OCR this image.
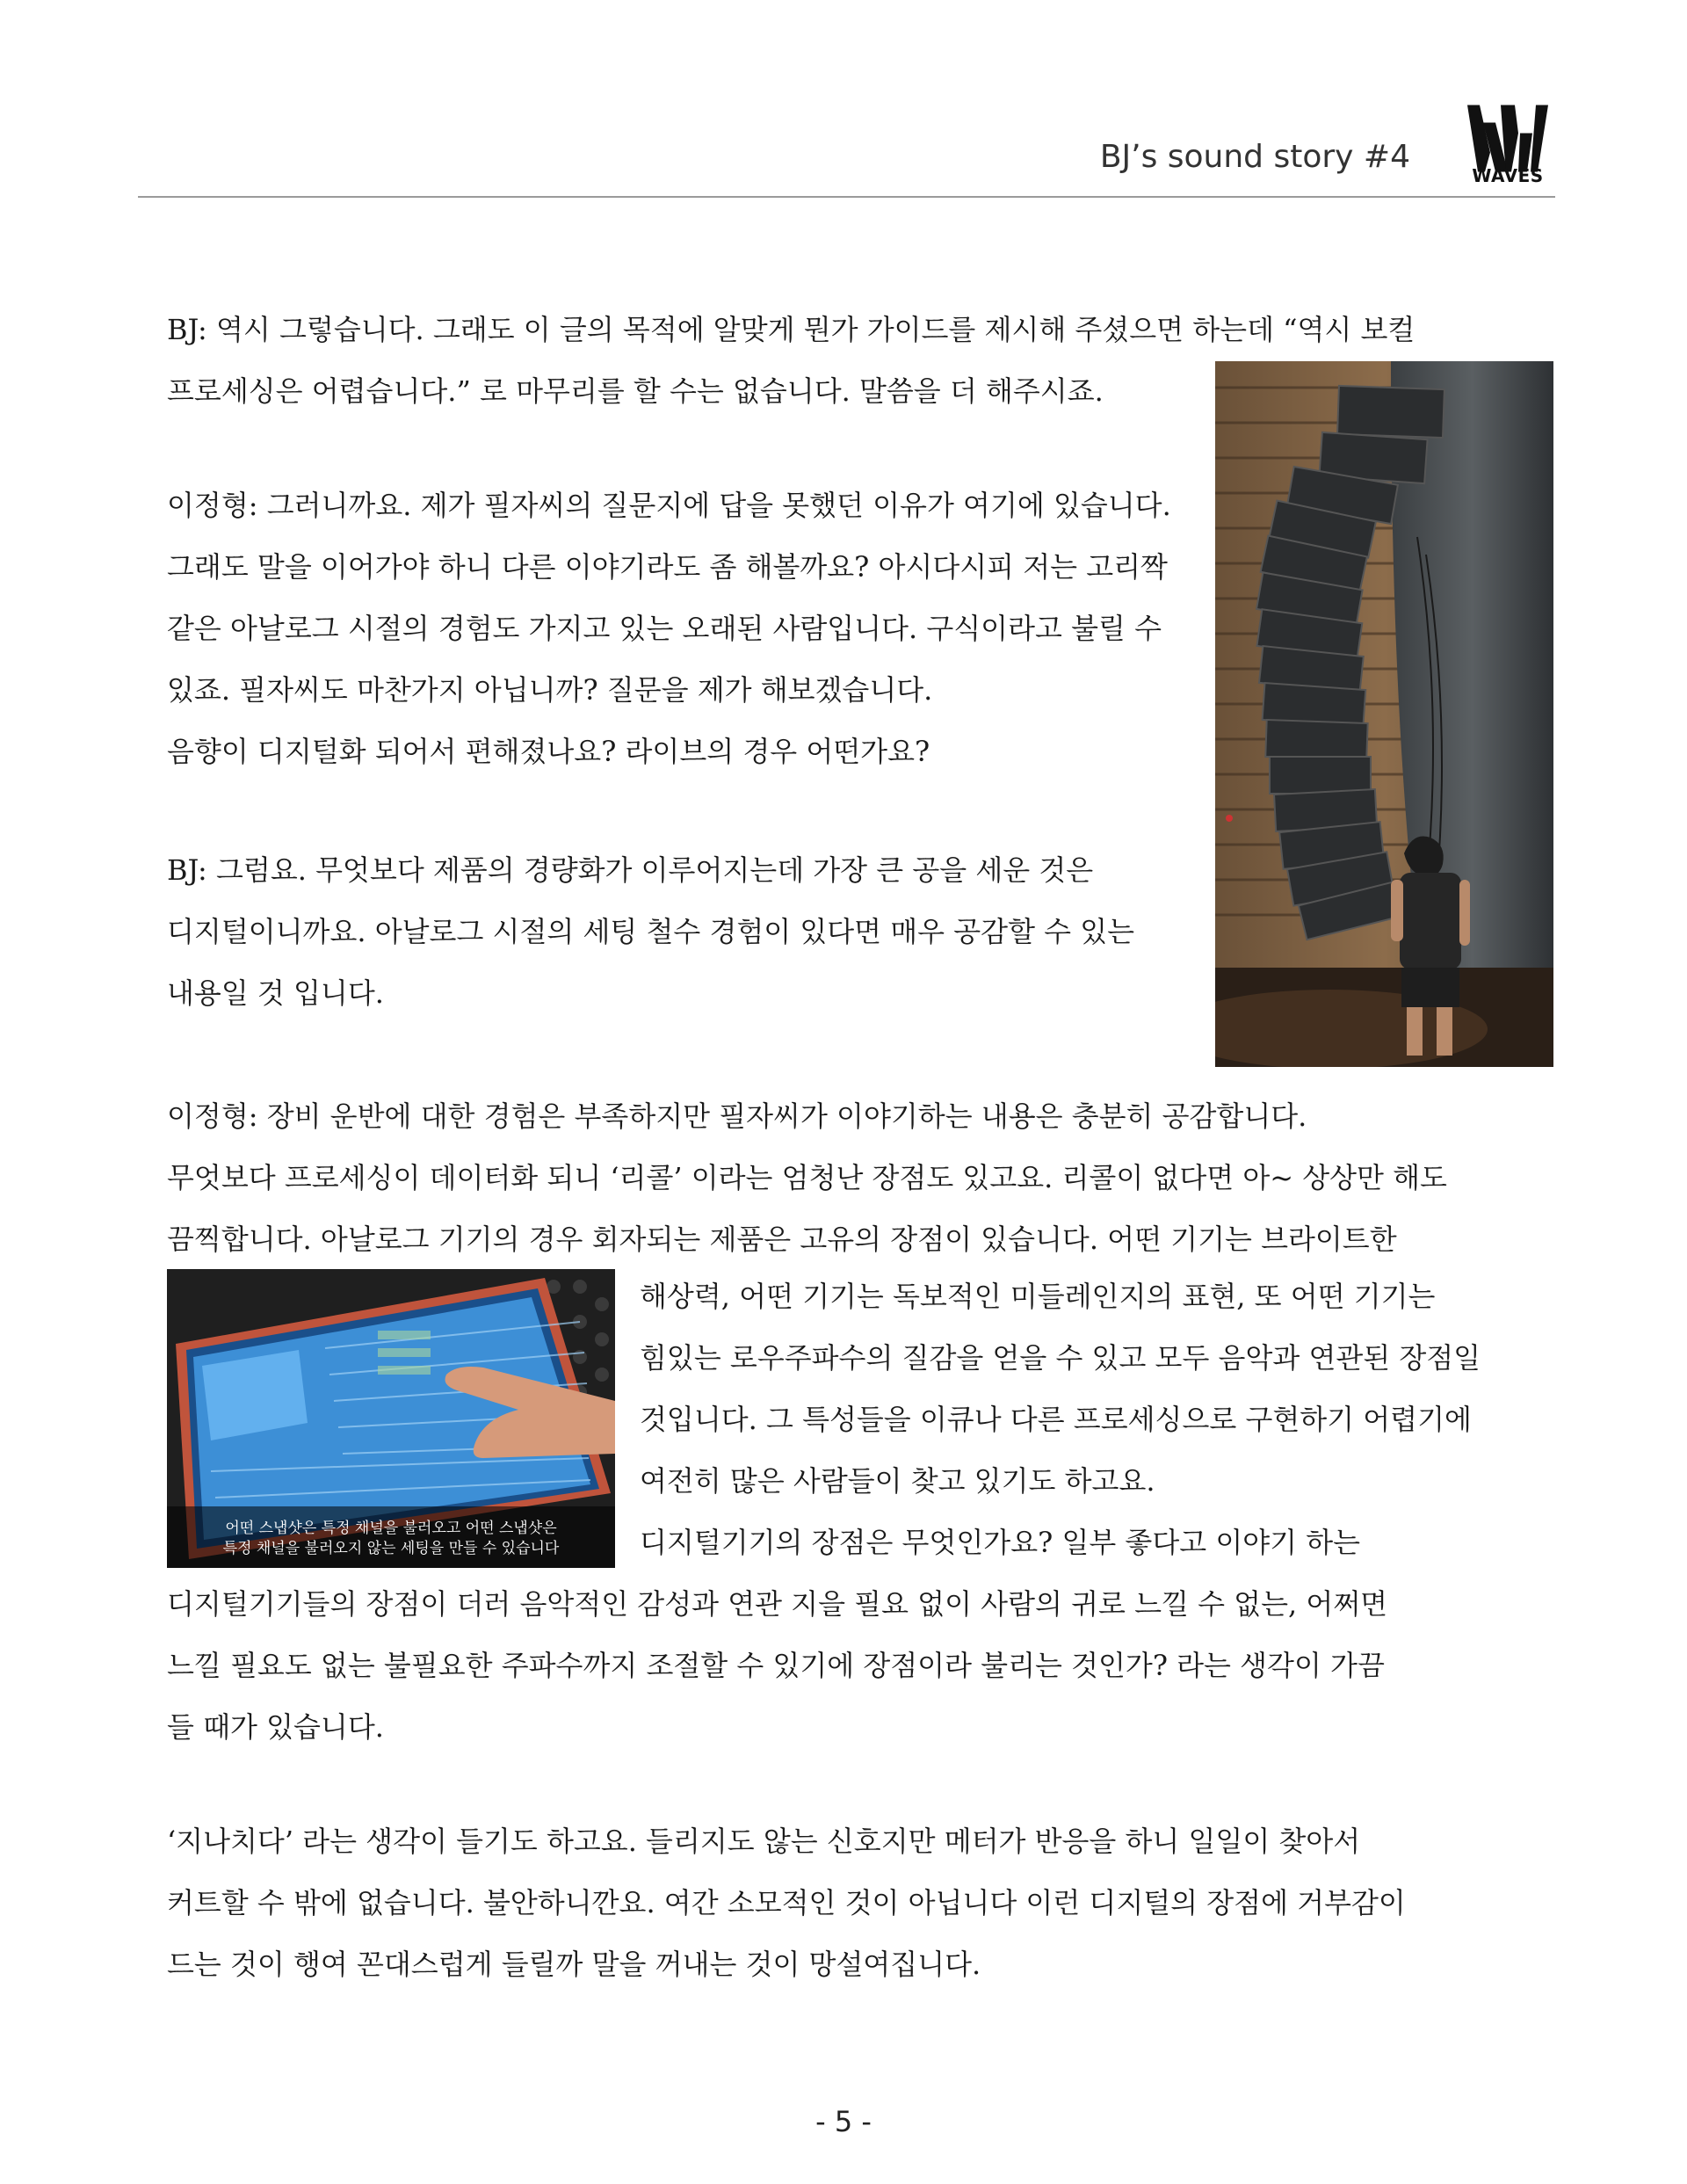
BJ’s sound story #4
WAVES
BJ: 역시 그렇습니다. 그래도 이 글의 목적에 알맞게 뭔가 가이드를 제시해 주셨으면 하는데 “역시 보컬
프로세싱은 어렵습니다.” 로 마무리를 할 수는 없습니다. 말씀을 더 해주시죠.
이정형: 그러니까요. 제가 필자씨의 질문지에 답을 못했던 이유가 여기에 있습니다.
그래도 말을 이어가야 하니 다른 이야기라도 좀 해볼까요? 아시다시피 저는 고리짝
같은 아날로그 시절의 경험도 가지고 있는 오래된 사람입니다. 구식이라고 불릴 수
있죠. 필자씨도 마찬가지 아닙니까? 질문을 제가 해보겠습니다.
음향이 디지털화 되어서 편해졌나요? 라이브의 경우 어떤가요?
BJ: 그럼요. 무엇보다 제품의 경량화가 이루어지는데 가장 큰 공을 세운 것은
디지털이니까요. 아날로그 시절의 세팅 철수 경험이 있다면 매우 공감할 수 있는
내용일 것 입니다.
이정형: 장비 운반에 대한 경험은 부족하지만 필자씨가 이야기하는 내용은 충분히 공감합니다.
무엇보다 프로세싱이 데이터화 되니 ‘리콜’ 이라는 엄청난 장점도 있고요. 리콜이 없다면 아~ 상상만 해도
끔찍합니다. 아날로그 기기의 경우 회자되는 제품은 고유의 장점이 있습니다. 어떤 기기는 브라이트한
어떤 스냅샷은 특정 채널을 불러오고 어떤 스냅샷은
특정 채널을 불러오지 않는 세팅을 만들 수 있습니다
해상력, 어떤 기기는 독보적인 미들레인지의 표현, 또 어떤 기기는
힘있는 로우주파수의 질감을 얻을 수 있고 모두 음악과 연관된 장점일
것입니다. 그 특성들을 이큐나 다른 프로세싱으로 구현하기 어렵기에
여전히 많은 사람들이 찾고 있기도 하고요.
디지털기기의 장점은 무엇인가요? 일부 좋다고 이야기 하는
디지털기기들의 장점이 더러 음악적인 감성과 연관 지을 필요 없이 사람의 귀로 느낄 수 없는, 어쩌면
느낄 필요도 없는 불필요한 주파수까지 조절할 수 있기에 장점이라 불리는 것인가? 라는 생각이 가끔
들 때가 있습니다.
‘지나치다’ 라는 생각이 들기도 하고요. 들리지도 않는 신호지만 메터가 반응을 하니 일일이 찾아서
커트할 수 밖에 없습니다. 불안하니깐요. 여간 소모적인 것이 아닙니다 이런 디지털의 장점에 거부감이
드는 것이 행여 꼰대스럽게 들릴까 말을 꺼내는 것이 망설여집니다.
- 5 -
